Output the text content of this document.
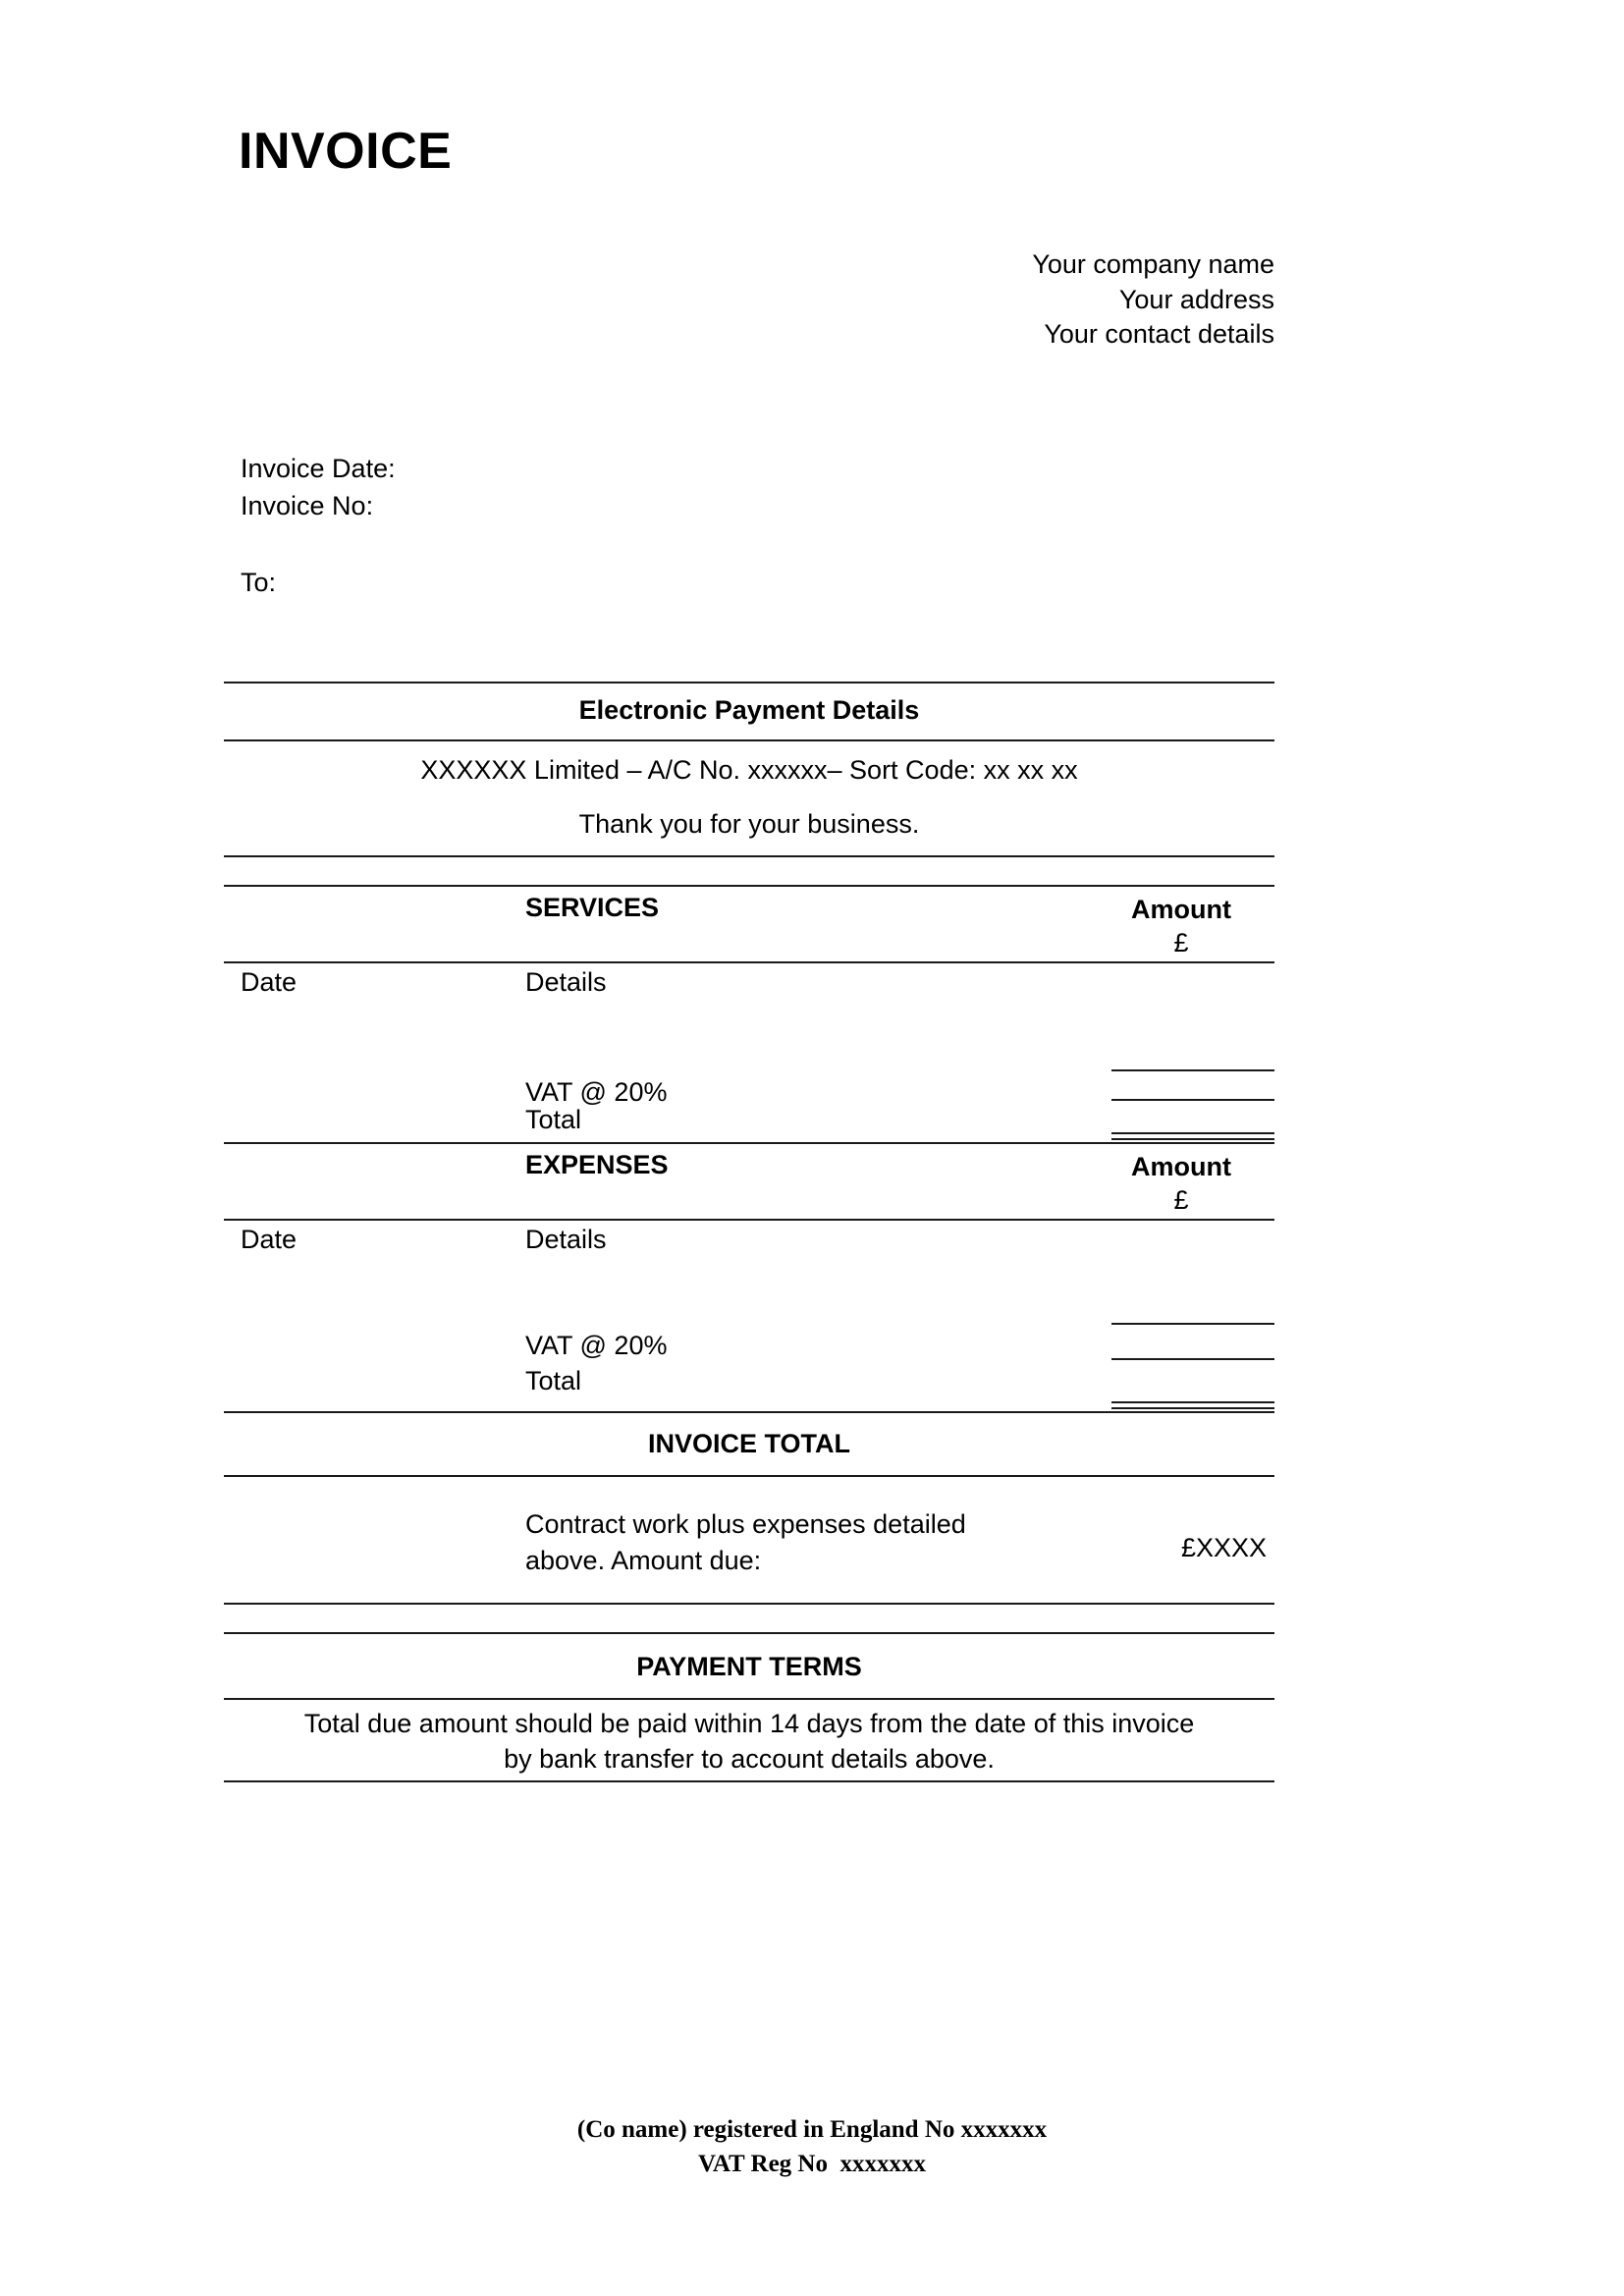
INVOICE
Your company name
Your address
Your contact details
Invoice Date:
Invoice No:
To:
Electronic Payment Details
XXXXXX Limited – A/C No. xxxxxx– Sort Code: xx xx xx
Thank you for your business.
SERVICES	Amount
£
Date	Details
VAT @ 20%
Total
EXPENSES	Amount
£
Date	Details
VAT @ 20%
Total
INVOICE TOTAL
Contract work plus expenses detailed
above. Amount due:	£XXXX
PAYMENT TERMS
Total due amount should be paid within 14 days from the date of this invoice
by bank transfer to account details above.
(Co name) registered in England No xxxxxxx
VAT Reg No  xxxxxxx
